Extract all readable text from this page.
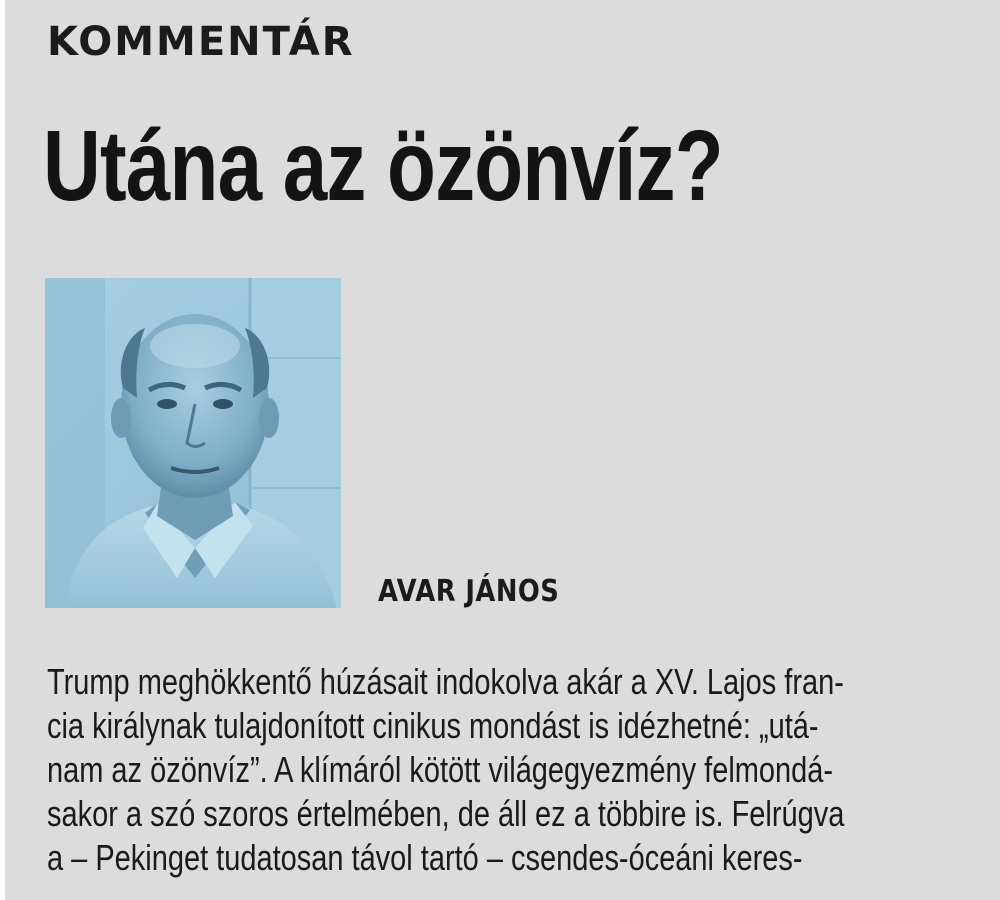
KOMMENTÁR
Utána az özönvíz?
AVAR JÁNOS
Trump meghökkentő húzásait indokolva akár a XV. Lajos fran-
cia királynak tulajdonított cinikus mondást is idézhetné: „utá-
nam az özönvíz”. A klímáról kötött világegyezmény felmondá-
sakor a szó szoros értelmében, de áll ez a többire is. Felrúgva
a – Pekinget tudatosan távol tartó – csendes-óceáni keres-
